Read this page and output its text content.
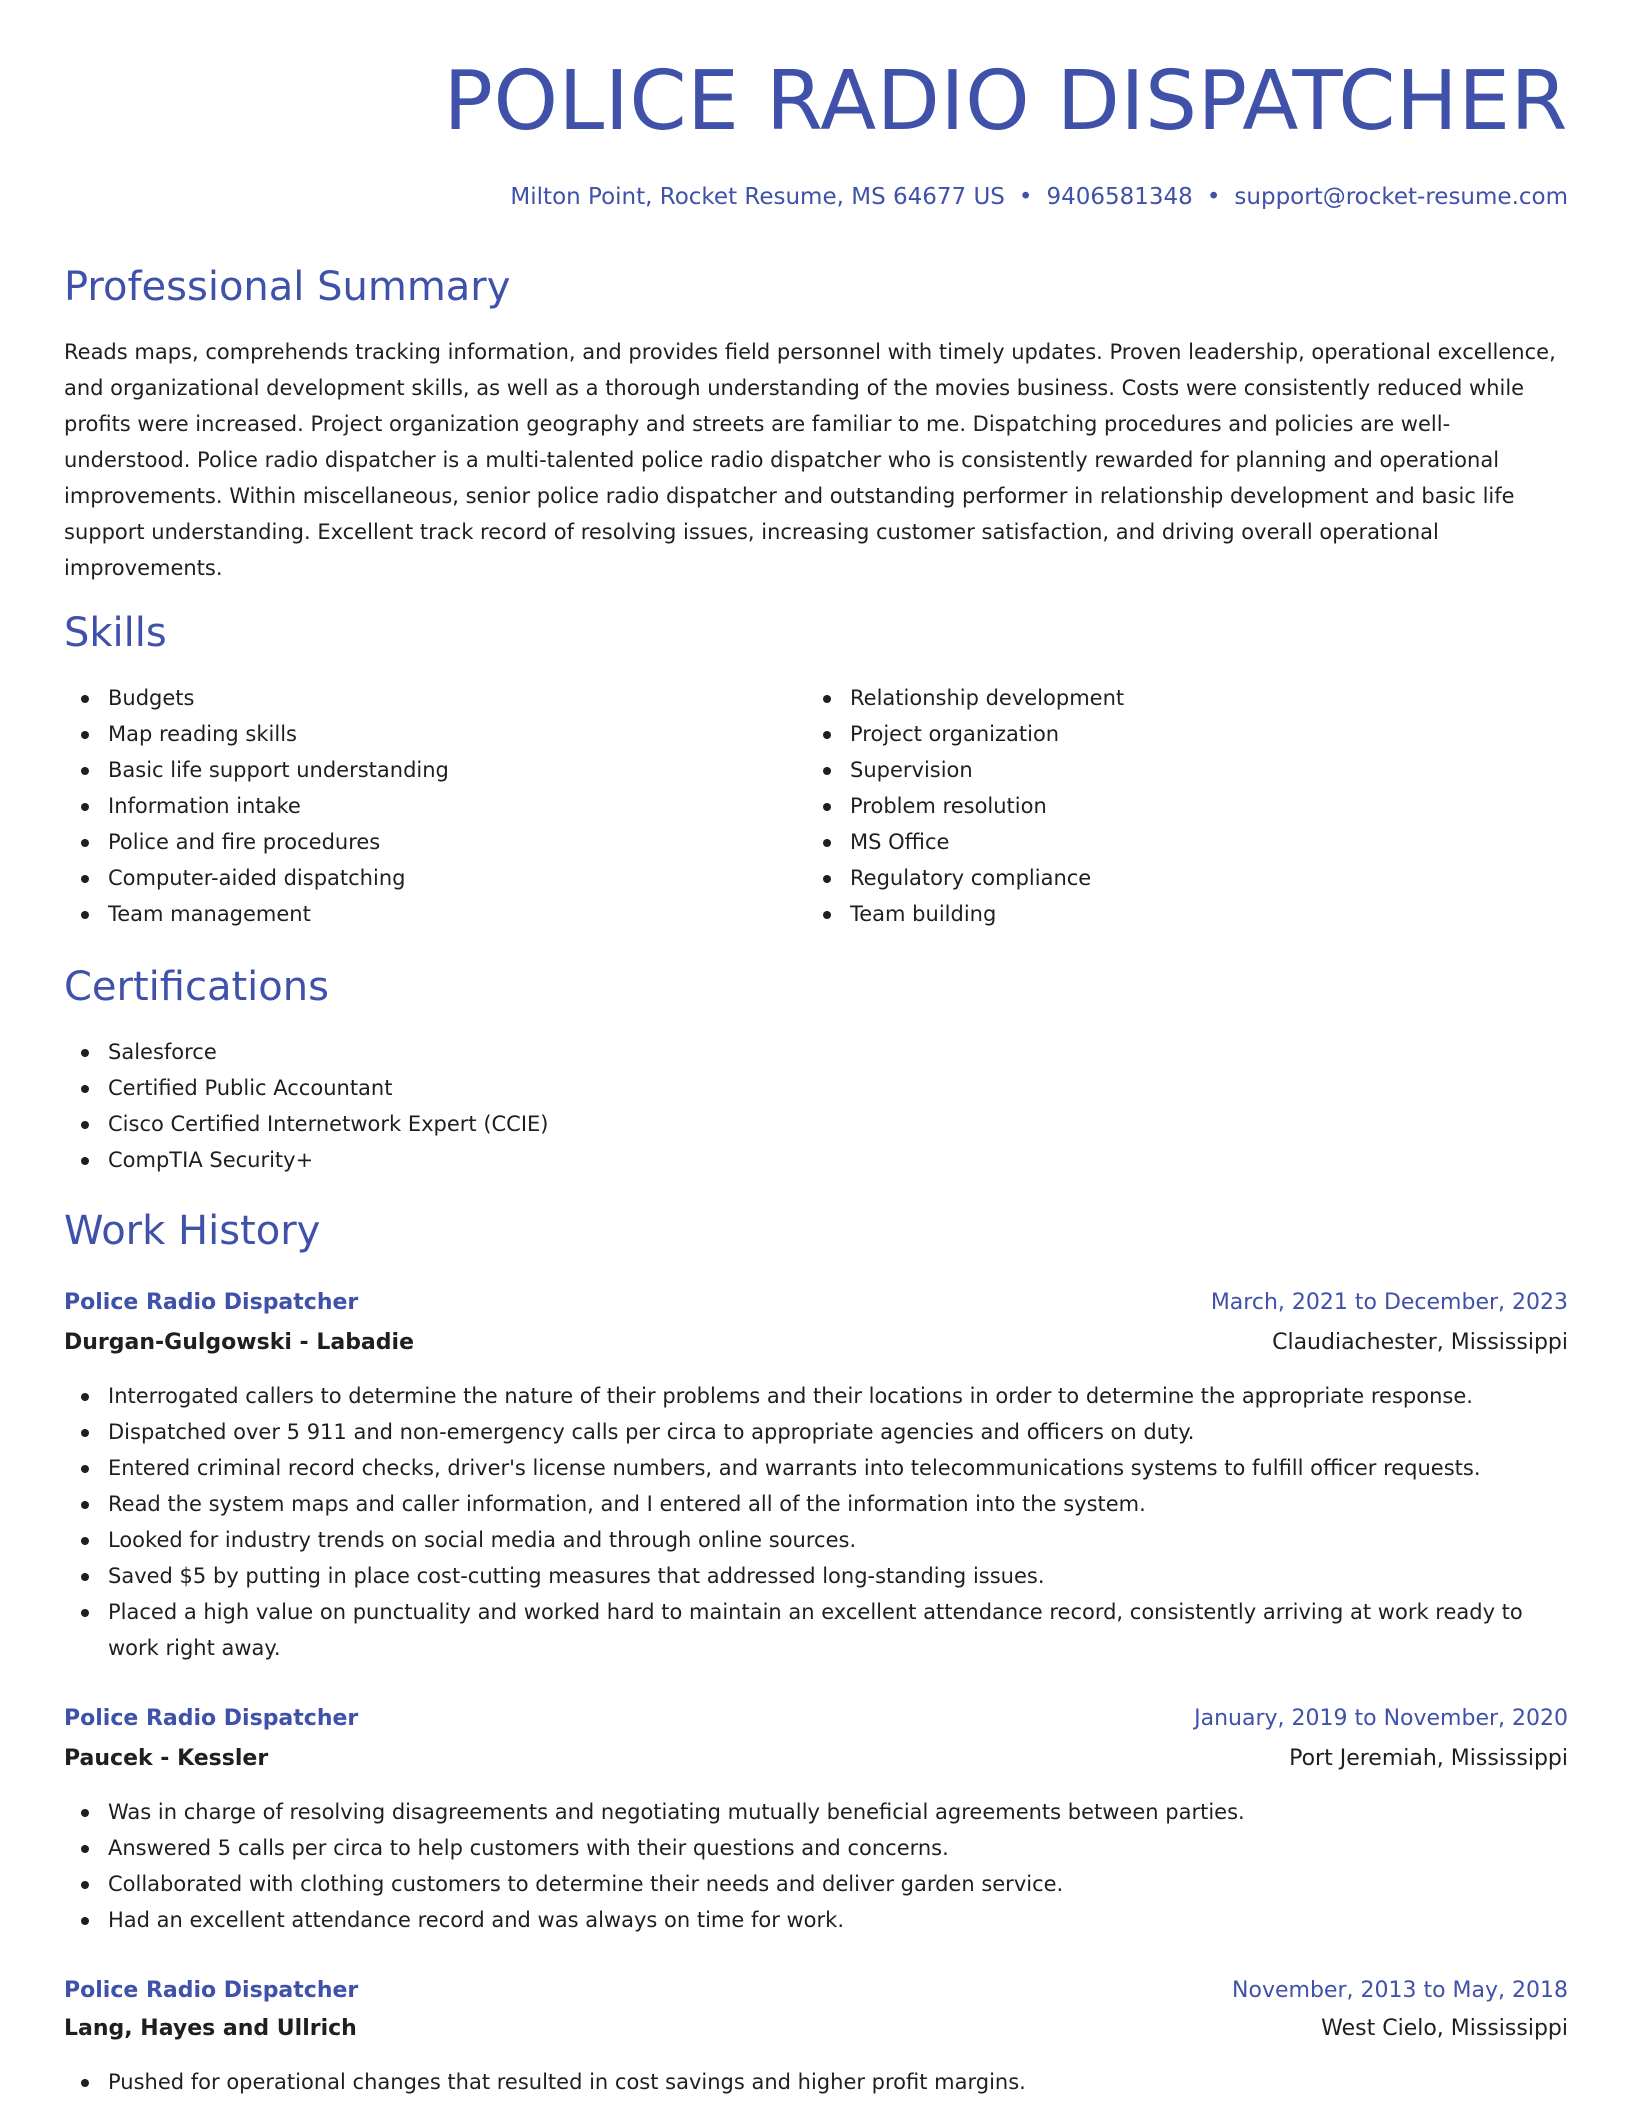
POLICE RADIO DISPATCHER
Milton Point, Rocket Resume, MS 64677 US • 9406581348 • support@rocket-resume.com
Professional Summary

Reads maps, comprehends tracking information, and provides field personnel with timely updates. Proven leadership, operational excellence, and organizational development skills, as well as a thorough understanding of the movies business. Costs were consistently reduced while profits were increased. Project organization geography and streets are familiar to me. Dispatching procedures and policies are well-understood. Police radio dispatcher is a multi-talented police radio dispatcher who is consistently rewarded for planning and operational improvements. Within miscellaneous, senior police radio dispatcher and outstanding performer in relationship development and basic life support understanding. Excellent track record of resolving issues, increasing customer satisfaction, and driving overall operational improvements.

Skills
Budgets
Map reading skills
Basic life support understanding
Information intake
Police and fire procedures
Computer-aided dispatching
Team management
Relationship development
Project organization
Supervision
Problem resolution
MS Office
Regulatory compliance
Team building
Certifications
Salesforce
Certified Public Accountant
Cisco Certified Internetwork Expert (CCIE)
CompTIA Security+
Work History
Police Radio Dispatcher	March, 2021 to December, 2023
Durgan-Gulgowski - Labadie	Claudiachester, Mississippi
Interrogated callers to determine the nature of their problems and their locations in order to determine the appropriate response.
Dispatched over 5 911 and non-emergency calls per circa to appropriate agencies and officers on duty.
Entered criminal record checks, driver's license numbers, and warrants into telecommunications systems to fulfill officer requests.
Read the system maps and caller information, and I entered all of the information into the system.
Looked for industry trends on social media and through online sources.
Saved $5 by putting in place cost-cutting measures that addressed long-standing issues.
Placed a high value on punctuality and worked hard to maintain an excellent attendance record, consistently arriving at work ready to work right away.
Police Radio Dispatcher	January, 2019 to November, 2020
Paucek - Kessler	Port Jeremiah, Mississippi
Was in charge of resolving disagreements and negotiating mutually beneficial agreements between parties.
Answered 5 calls per circa to help customers with their questions and concerns.
Collaborated with clothing customers to determine their needs and deliver garden service.
Had an excellent attendance record and was always on time for work.
Police Radio Dispatcher	November, 2013 to May, 2018
Lang, Hayes and Ullrich	West Cielo, Mississippi
Pushed for operational changes that resulted in cost savings and higher profit margins.
